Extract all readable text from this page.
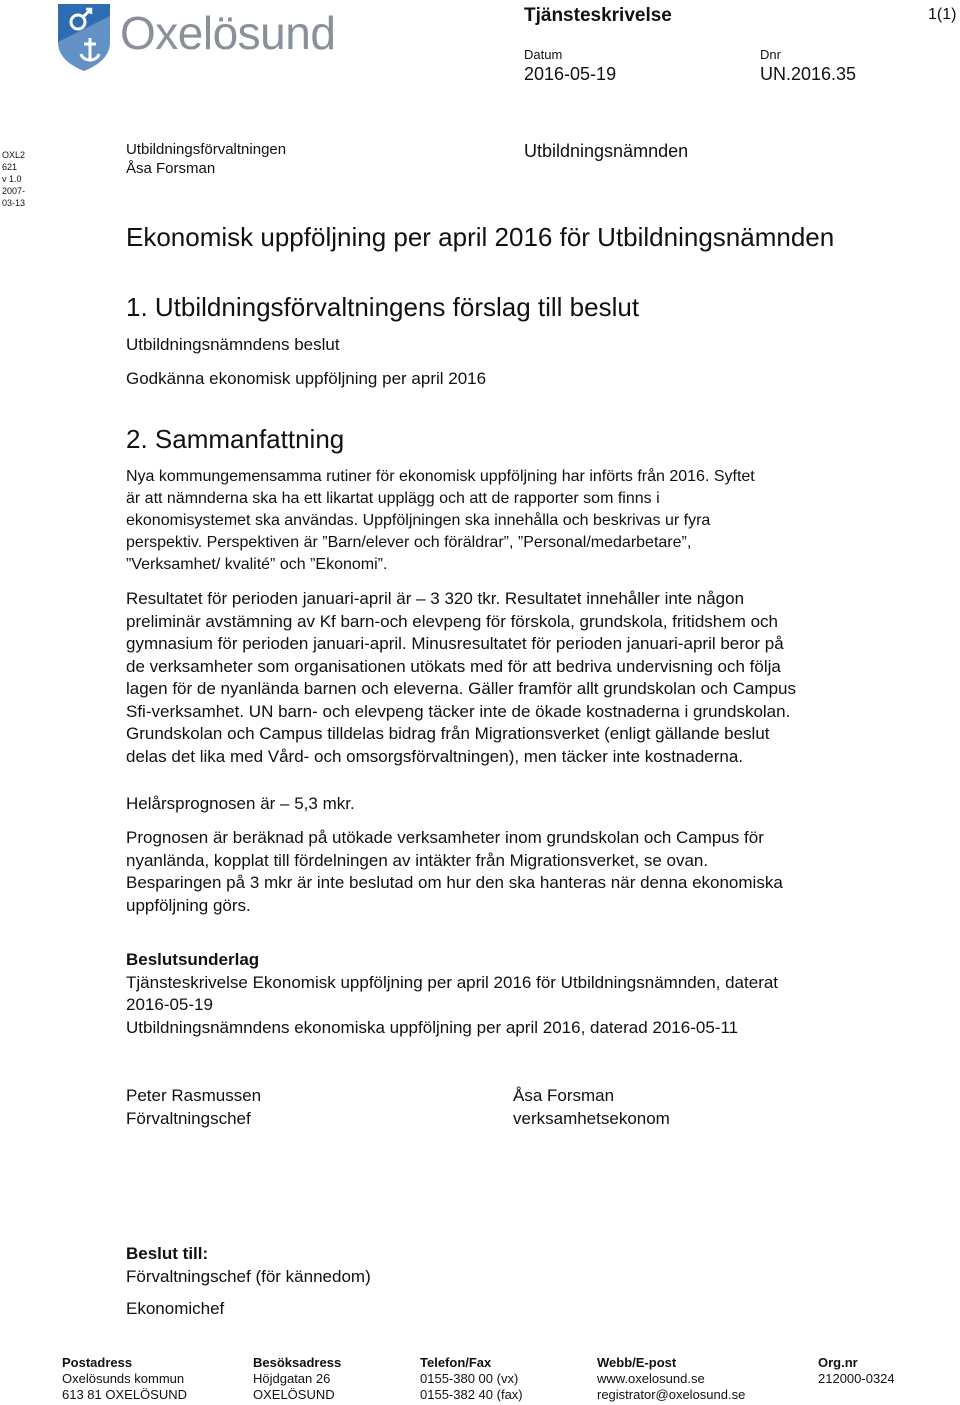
Oxelösund	Tjänsteskrivelse	1(1)
Datum
2016-05-19
Dnr
UN.2016.35
OXL2
621
v 1.0
2007-
03-13
Utbildningsförvaltningen
Åsa Forsman
Utbildningsnämnden
Ekonomisk uppföljning per april 2016 för Utbildningsnämnden
1. Utbildningsförvaltningens förslag till beslut

Utbildningsnämndens beslut

Godkänna ekonomisk uppföljning per april 2016

2. Sammanfattning

Nya kommungemensamma rutiner för ekonomisk uppföljning har införts från 2016. Syftet
är att nämnderna ska ha ett likartat upplägg och att de rapporter som finns i
ekonomisystemet ska användas. Uppföljningen ska innehålla och beskrivas ur fyra
perspektiv. Perspektiven är ”Barn/elever och föräldrar”, ”Personal/medarbetare”,
”Verksamhet/ kvalité” och ”Ekonomi”.

Resultatet för perioden januari-april är – 3 320 tkr. Resultatet innehåller inte någon
preliminär avstämning av Kf barn-och elevpeng för förskola, grundskola, fritidshem och
gymnasium för perioden januari-april. Minusresultatet för perioden januari-april beror på
de verksamheter som organisationen utökats med för att bedriva undervisning och följa
lagen för de nyanlända barnen och eleverna. Gäller framför allt grundskolan och Campus
Sfi-verksamhet. UN barn- och elevpeng täcker inte de ökade kostnaderna i grundskolan.
Grundskolan och Campus tilldelas bidrag från Migrationsverket (enligt gällande beslut
delas det lika med Vård- och omsorgsförvaltningen), men täcker inte kostnaderna.

Helårsprognosen är – 5,3 mkr.

Prognosen är beräknad på utökade verksamheter inom grundskolan och Campus för
nyanlända, kopplat till fördelningen av intäkter från Migrationsverket, se ovan.
Besparingen på 3 mkr är inte beslutad om hur den ska hanteras när denna ekonomiska
uppföljning görs.

Beslutsunderlag
Tjänsteskrivelse Ekonomisk uppföljning per april 2016 för Utbildningsnämnden, daterat
2016-05-19
Utbildningsnämndens ekonomiska uppföljning per april 2016, daterad 2016-05-11

Peter Rasmussen
Förvaltningschef
Åsa Forsman
verksamhetsekonom
Beslut till:
Förvaltningschef (för kännedom)
Ekonomichef
Postadress
Oxelösunds kommun
613 81 OXELÖSUND
Besöksadress
Höjdgatan 26
OXELÖSUND
Telefon/Fax
0155-380 00 (vx)
0155-382 40 (fax)
Webb/E-post
www.oxelosund.se
registrator@oxelosund.se
Org.nr
212000-0324
